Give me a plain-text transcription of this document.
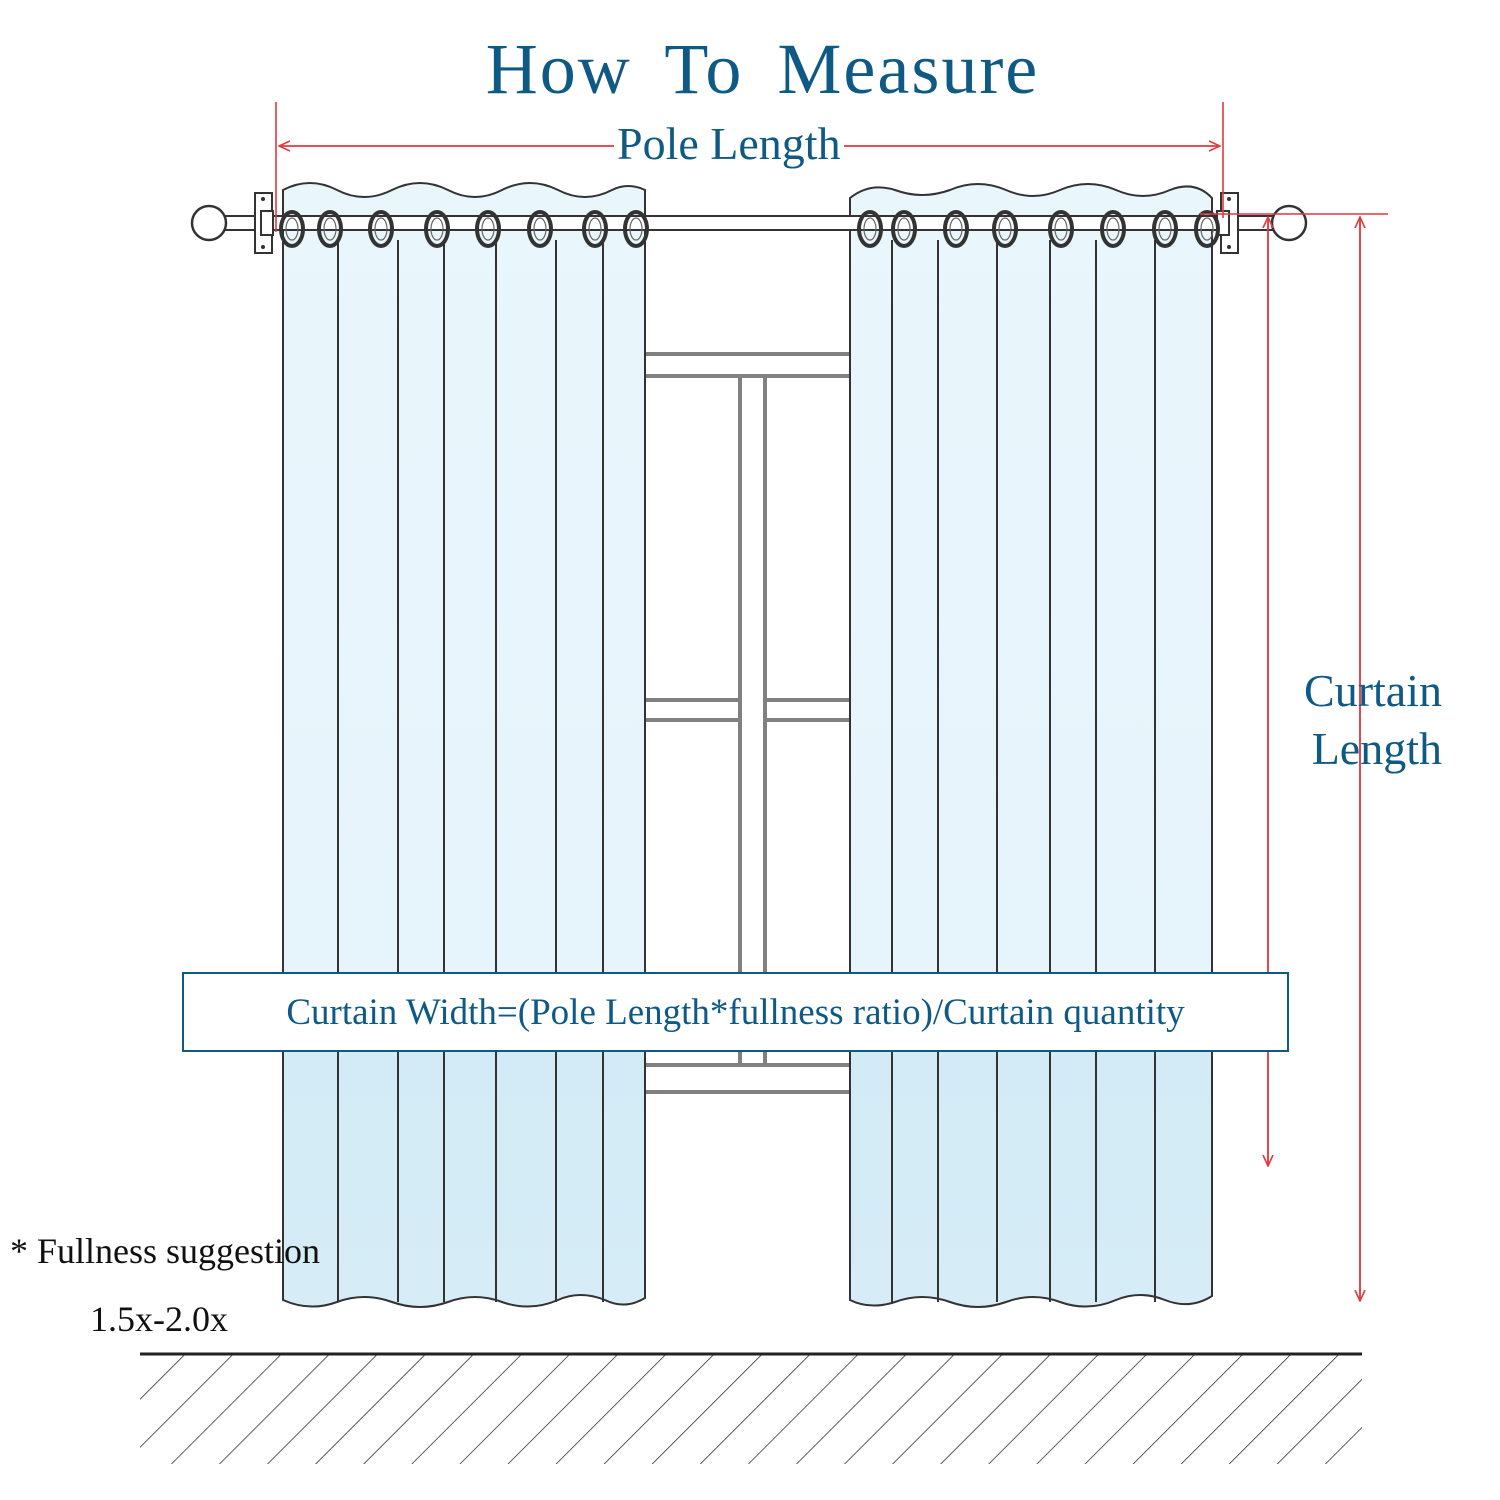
How To Measure
Pole Length
Curtain
Length
Curtain Width=(Pole Length*fullness ratio)/Curtain quantity
* Fullness suggestion
1.5x-2.0x
